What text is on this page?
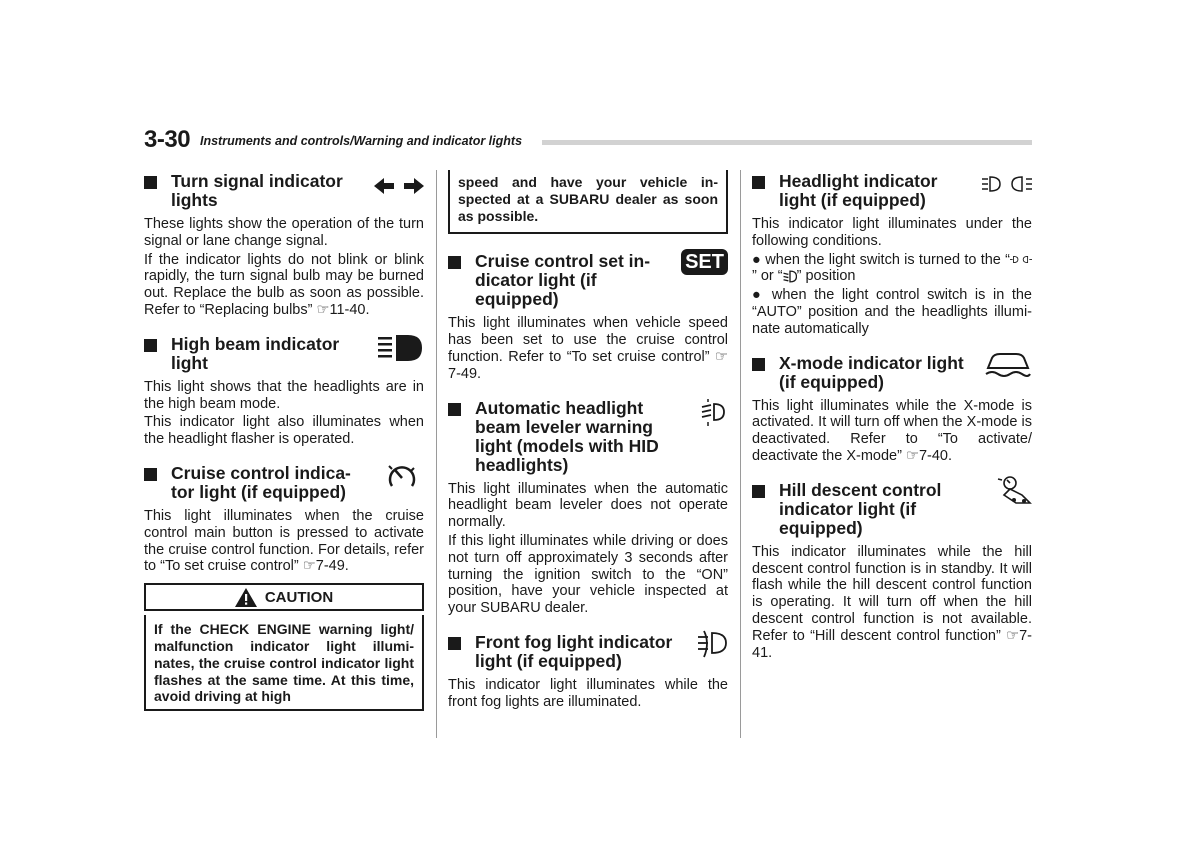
3-30 Instruments and controls/Warning and indicator lights
Turn signal indicator lights

These lights show the operation of the turn signal or lane change signal.

If the indicator lights do not blink or blink rapidly, the turn signal bulb may be burned out. Replace the bulb as soon as possible. Refer to “Replacing bulbs” ☞11-40.

High beam indicator light

This light shows that the headlights are in the high beam mode.

This indicator light also illuminates when the headlight flasher is operated.

Cruise control indica-tor light (if equipped)

This light illuminates when the cruise control main button is pressed to activate the cruise control function. For details, refer to “To set cruise control” ☞7-49.

CAUTION

If the CHECK ENGINE warning light/ malfunction indicator light illumi-nates, the cruise control indicator light flashes at the same time. At this time, avoid driving at high

speed and have your vehicle in-spected at a SUBARU dealer as soon as possible.

Cruise control set in-dicator light (if equipped)
SET

This light illuminates when vehicle speed has been set to use the cruise control function. Refer to “To set cruise control” ☞7-49.

Automatic headlight beam leveler warning light (models with HID headlights)

This light illuminates when the automatic headlight beam leveler does not operate normally.

If this light illuminates while driving or does not turn off approximately 3 seconds after turning the ignition switch to the “ON” position, have your vehicle inspected at your SUBARU dealer.

Front fog light indicator light (if equipped)

This indicator light illuminates while the front fog lights are illuminated.

Headlight indicator light (if equipped)

This indicator light illuminates under the following conditions.

● when the light switch is turned to the “” or “ ” position

● when the light control switch is in the “AUTO” position and the headlights illumi-nate automatically

X-mode indicator light (if equipped)

This light illuminates while the X-mode is activated. It will turn off when the X-mode is deactivated. Refer to “To activate/ deactivate the X-mode” ☞7-40.

Hill descent control indicator light (if equipped)

This indicator illuminates while the hill descent control function is in standby. It will flash while the hill descent control function is operating. It will turn off when the hill descent control function is not available. Refer to “Hill descent control function” ☞7-41.
